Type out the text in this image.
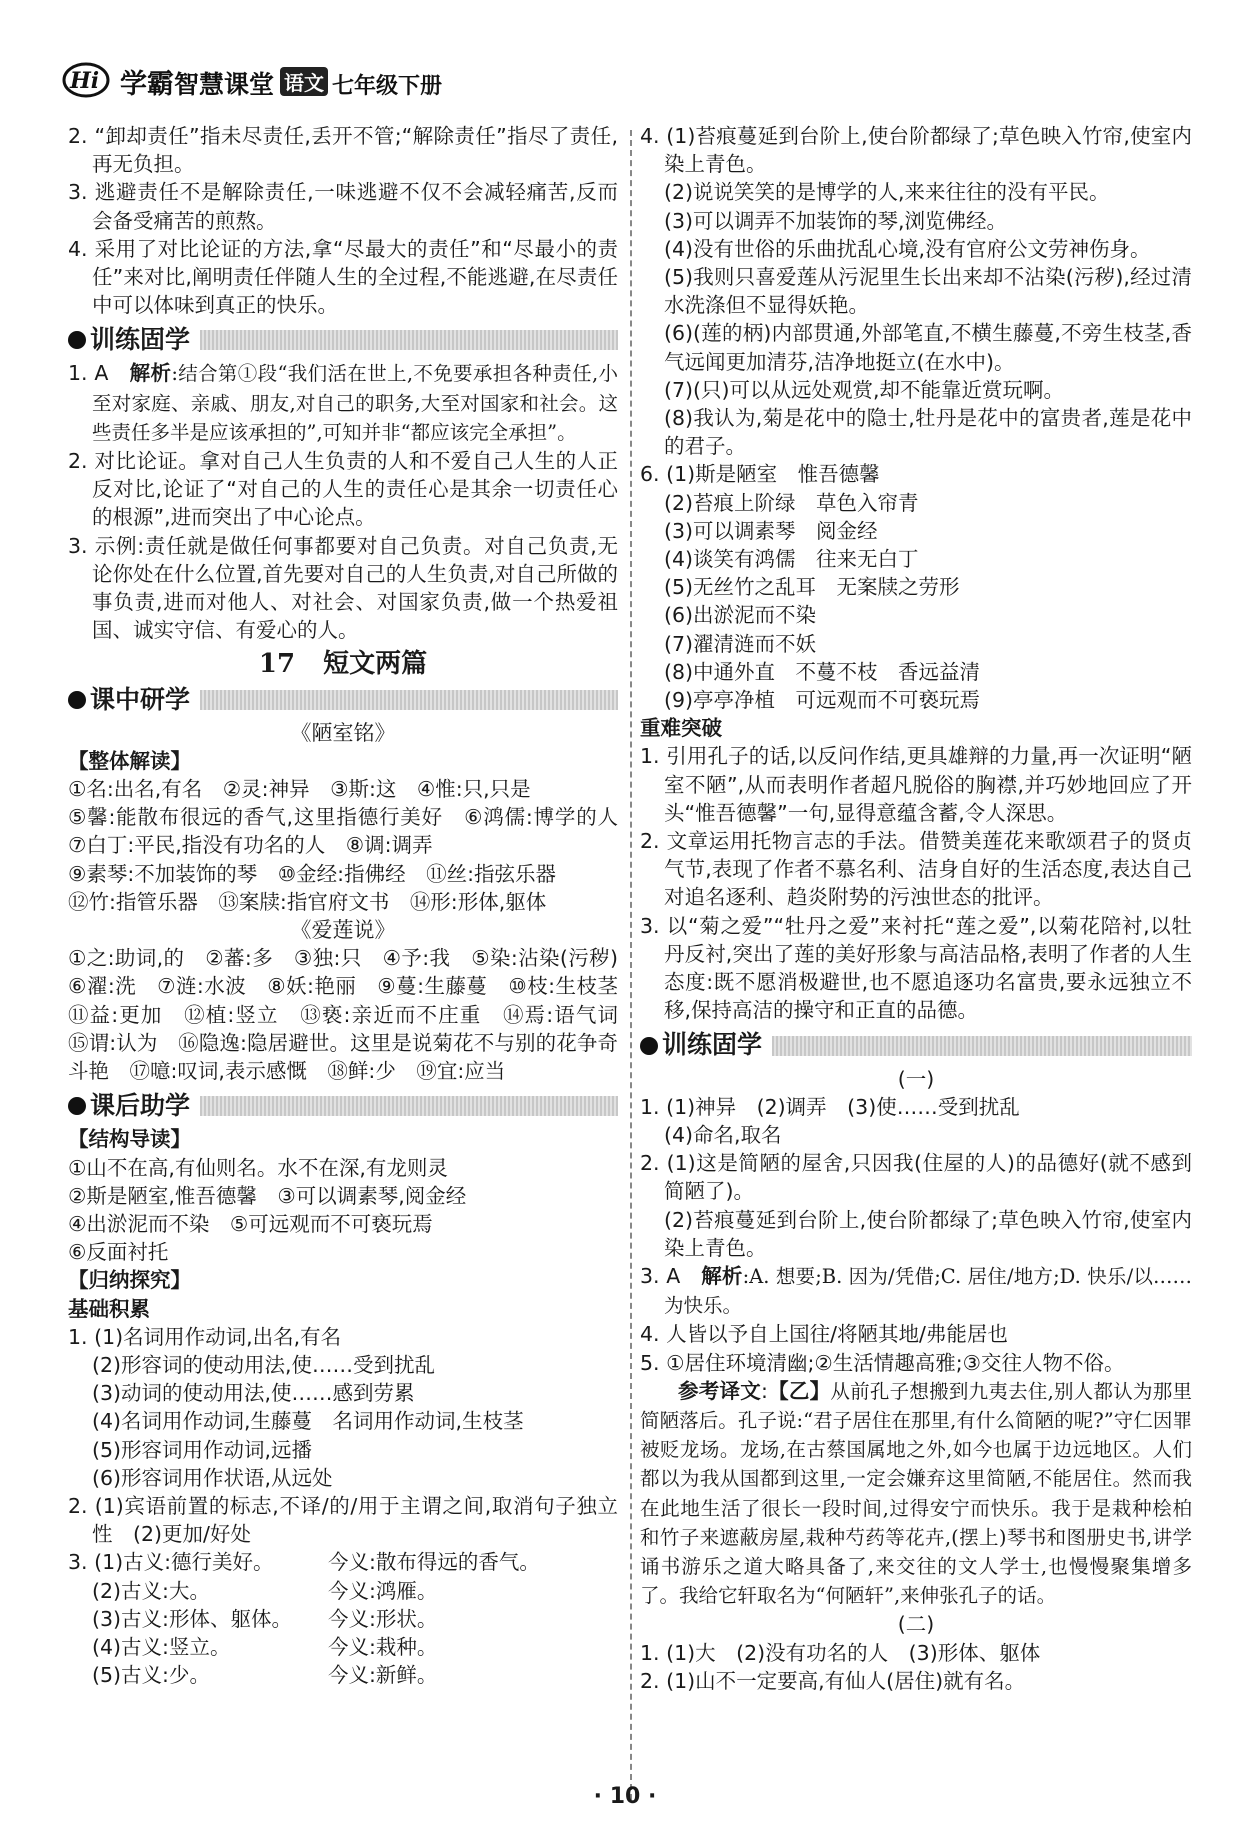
Hi 学霸智慧课堂 语文 七年级下册

2. “卸却责任”指未尽责任,丢开不管;“解除责任”指尽了责任,再无负担。

3. 逃避责任不是解除责任,一味逃避不仅不会减轻痛苦,反而会备受痛苦的煎熬。

4. 采用了对比论证的方法,拿“尽最大的责任”和“尽最小的责任”来对比,阐明责任伴随人生的全过程,不能逃避,在尽责任中可以体味到真正的快乐。

训练固学

1. A　 解析:结合第①段“我们活在世上,不免要承担各种责任,小至对家庭、亲戚、朋友,对自己的职务,大至对国家和社会。这些责任多半是应该承担的”,可知并非“都应该完全承担”。

2. 对比论证。拿对自己人生负责的人和不爱自己人生的人正反对比,论证了“对自己的人生的责任心是其余一切责任心的根源”,进而突出了中心论点。

3. 示例:责任就是做任何事都要对自己负责。对自己负责,无论你处在什么位置,首先要对自己的人生负责,对自己所做的事负责,进而对他人、对社会、对国家负责,做一个热爱祖国、诚实守信、有爱心的人。

17 短文两篇
课中研学

《陋室铭》

【整体解读】

①名:出名,有名　②灵:神异　③斯:这　④惟:只,只是

⑤馨:能散布很远的香气,这里指德行美好　⑥鸿儒:博学的人　⑦白丁:平民,指没有功名的人　⑧调:调弄

⑨素琴:不加装饰的琴　⑩金经:指佛经　⑪丝:指弦乐器

⑫竹:指管乐器　⑬案牍:指官府文书　⑭形:形体,躯体

《爱莲说》

①之:助词,的　②蕃:多　③独:只　④予:我　⑤染:沾染(污秽)　⑥濯:洗　⑦涟:水波　⑧妖:艳丽　⑨蔓:生藤蔓　⑩枝:生枝茎　⑪益:更加　⑫植:竖立　⑬亵:亲近而不庄重　⑭焉:语气词　⑮谓:认为　⑯隐逸:隐居避世。这里是说菊花不与别的花争奇斗艳　⑰噫:叹词,表示感慨　⑱鲜:少　⑲宜:应当

课后助学

【结构导读】

①山不在高,有仙则名。水不在深,有龙则灵

②斯是陋室,惟吾德馨　③可以调素琴,阅金经

④出淤泥而不染　⑤可远观而不可亵玩焉

⑥反面衬托

【归纳探究】

基础积累

1. (1)名词用作动词,出名,有名

(2)形容词的使动用法,使……受到扰乱

(3)动词的使动用法,使……感到劳累

(4)名词用作动词,生藤蔓　名词用作动词,生枝茎

(5)形容词用作动词,远播

(6)形容词用作状语,从远处

2. (1)宾语前置的标志,不译/的/用于主谓之间,取消句子独立性　(2)更加/好处

3. (1)古义:德行美好。	今义:散布得远的香气。
(2)古义:大。	今义:鸿雁。
(3)古义:形体、躯体。	今义:形状。
(4)古义:竖立。	今义:栽种。
(5)古义:少。	今义:新鲜。

4. (1)苔痕蔓延到台阶上,使台阶都绿了;草色映入竹帘,使室内染上青色。

(2)说说笑笑的是博学的人,来来往往的没有平民。

(3)可以调弄不加装饰的琴,浏览佛经。

(4)没有世俗的乐曲扰乱心境,没有官府公文劳神伤身。

(5)我则只喜爱莲从污泥里生长出来却不沾染(污秽),经过清水洗涤但不显得妖艳。

(6)(莲的柄)内部贯通,外部笔直,不横生藤蔓,不旁生枝茎,香气远闻更加清芬,洁净地挺立(在水中)。

(7)(只)可以从远处观赏,却不能靠近赏玩啊。

(8)我认为,菊是花中的隐士,牡丹是花中的富贵者,莲是花中的君子。

6. (1)斯是陋室　惟吾德馨

(2)苔痕上阶绿　草色入帘青

(3)可以调素琴　阅金经

(4)谈笑有鸿儒　往来无白丁

(5)无丝竹之乱耳　无案牍之劳形

(6)出淤泥而不染

(7)濯清涟而不妖

(8)中通外直　不蔓不枝　香远益清

(9)亭亭净植　可远观而不可亵玩焉

重难突破

1. 引用孔子的话,以反问作结,更具雄辩的力量,再一次证明“陋室不陋”,从而表明作者超凡脱俗的胸襟,并巧妙地回应了开头“惟吾德馨”一句,显得意蕴含蓄,令人深思。

2. 文章运用托物言志的手法。借赞美莲花来歌颂君子的贤贞气节,表现了作者不慕名利、洁身自好的生活态度,表达自己对追名逐利、趋炎附势的污浊世态的批评。

3. 以“菊之爱”“牡丹之爱”来衬托“莲之爱”,以菊花陪衬,以牡丹反衬,突出了莲的美好形象与高洁品格,表明了作者的人生态度:既不愿消极避世,也不愿追逐功名富贵,要永远独立不移,保持高洁的操守和正直的品德。

训练固学

(一)

1. (1)神异　(2)调弄　(3)使……受到扰乱

(4)命名,取名

2. (1)这是简陋的屋舍,只因我(住屋的人)的品德好(就不感到简陋了)。

(2)苔痕蔓延到台阶上,使台阶都绿了;草色映入竹帘,使室内染上青色。

3. A　 解析:A. 想要;B. 因为/凭借;C. 居住/地方;D. 快乐/以……为快乐。

4. 人皆以予自上国往/将陋其地/弗能居也

5. ①居住环境清幽;②生活情趣高雅;③交往人物不俗。

参考译文:【乙】从前孔子想搬到九夷去住,别人都认为那里简陋落后。孔子说:“君子居住在那里,有什么简陋的呢?”守仁因罪被贬龙场。龙场,在古蔡国属地之外,如今也属于边远地区。人们都以为我从国都到这里,一定会嫌弃这里简陋,不能居住。然而我在此地生活了很长一段时间,过得安宁而快乐。我于是栽种桧柏和竹子来遮蔽房屋,栽种芍药等花卉,(摆上)琴书和图册史书,讲学诵书游乐之道大略具备了,来交往的文人学士,也慢慢聚集增多了。我给它轩取名为“何陋轩”,来伸张孔子的话。

(二)

1. (1)大　(2)没有功名的人　(3)形体、躯体

2. (1)山不一定要高,有仙人(居住)就有名。

· 10 ·
